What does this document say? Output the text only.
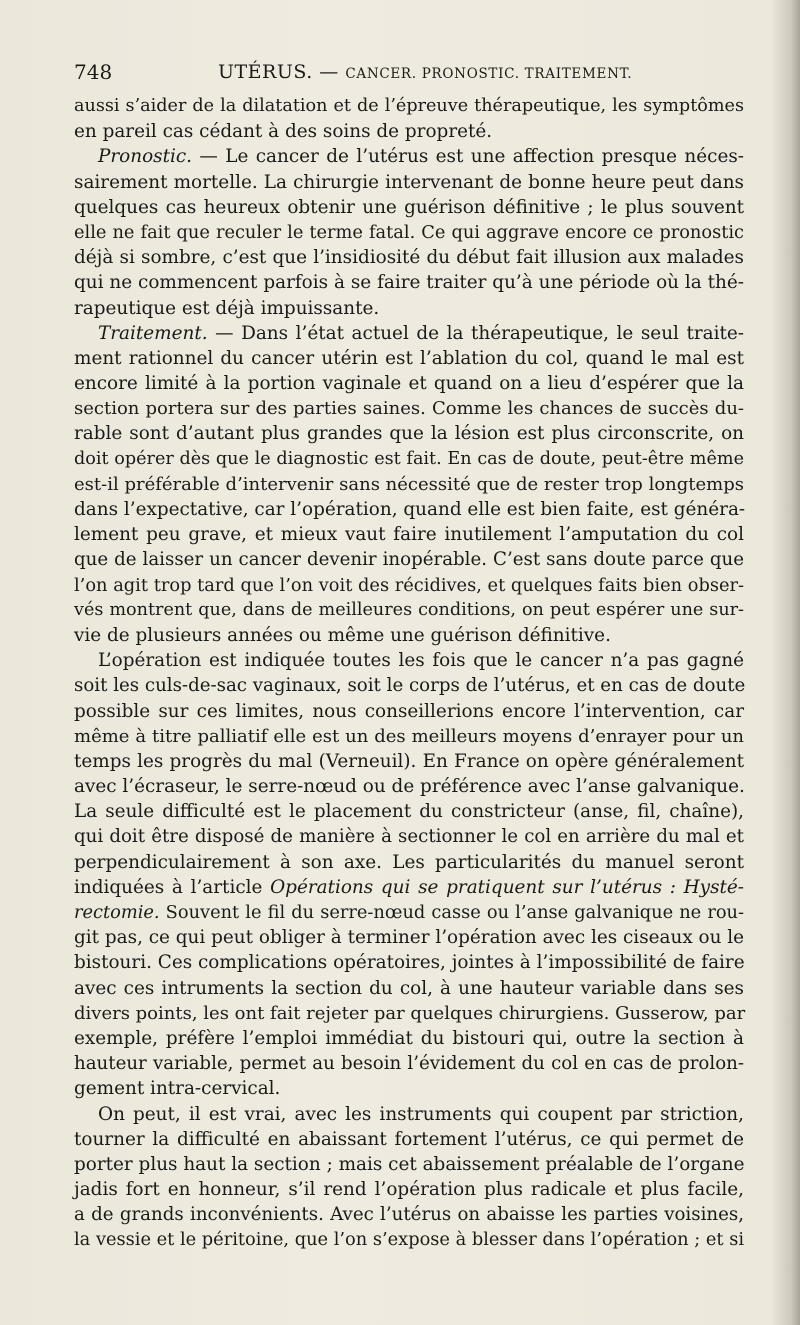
748	UTÉRUS. — CANCER. PRONOSTIC. TRAITEMENT.
aussi s’aider de la dilatation et de l’épreuve thérapeutique, les symptômes
en pareil cas cédant à des soins de propreté.
Pronostic. — Le cancer de l’utérus est une affection presque néces-
sairement mortelle. La chirurgie intervenant de bonne heure peut dans
quelques cas heureux obtenir une guérison définitive ; le plus souvent
elle ne fait que reculer le terme fatal. Ce qui aggrave encore ce pronostic
déjà si sombre, c’est que l’insidiosité du début fait illusion aux malades
qui ne commencent parfois à se faire traiter qu’à une période où la thé-
rapeutique est déjà impuissante.
Traitement. — Dans l’état actuel de la thérapeutique, le seul traite-
ment rationnel du cancer utérin est l’ablation du col, quand le mal est
encore limité à la portion vaginale et quand on a lieu d’espérer que la
section portera sur des parties saines. Comme les chances de succès du-
rable sont d’autant plus grandes que la lésion est plus circonscrite, on
doit opérer dès que le diagnostic est fait. En cas de doute, peut-être même
est-il préférable d’intervenir sans nécessité que de rester trop longtemps
dans l’expectative, car l’opération, quand elle est bien faite, est généra-
lement peu grave, et mieux vaut faire inutilement l’amputation du col
que de laisser un cancer devenir inopérable. C’est sans doute parce que
l’on agit trop tard que l’on voit des récidives, et quelques faits bien obser-
vés montrent que, dans de meilleures conditions, on peut espérer une sur-
vie de plusieurs années ou même une guérison définitive.
L’opération est indiquée toutes les fois que le cancer n’a pas gagné
soit les culs-de-sac vaginaux, soit le corps de l’utérus, et en cas de doute
possible sur ces limites, nous conseillerions encore l’intervention, car
même à titre palliatif elle est un des meilleurs moyens d’enrayer pour un
temps les progrès du mal (Verneuil). En France on opère généralement
avec l’écraseur, le serre-nœud ou de préférence avec l’anse galvanique.
La seule difficulté est le placement du constricteur (anse, fil, chaîne),
qui doit être disposé de manière à sectionner le col en arrière du mal et
perpendiculairement à son axe. Les particularités du manuel seront
indiquées à l’article Opérations qui se pratiquent sur l’utérus : Hysté-
rectomie. Souvent le fil du serre-nœud casse ou l’anse galvanique ne rou-
git pas, ce qui peut obliger à terminer l’opération avec les ciseaux ou le
bistouri. Ces complications opératoires, jointes à l’impossibilité de faire
avec ces intruments la section du col, à une hauteur variable dans ses
divers points, les ont fait rejeter par quelques chirurgiens. Gusserow, par
exemple, préfère l’emploi immédiat du bistouri qui, outre la section à
hauteur variable, permet au besoin l’évidement du col en cas de prolon-
gement intra-cervical.
On peut, il est vrai, avec les instruments qui coupent par striction,
tourner la difficulté en abaissant fortement l’utérus, ce qui permet de
porter plus haut la section ; mais cet abaissement préalable de l’organe
jadis fort en honneur, s’il rend l’opération plus radicale et plus facile,
a de grands inconvénients. Avec l’utérus on abaisse les parties voisines,
la vessie et le péritoine, que l’on s’expose à blesser dans l’opération ; et si
